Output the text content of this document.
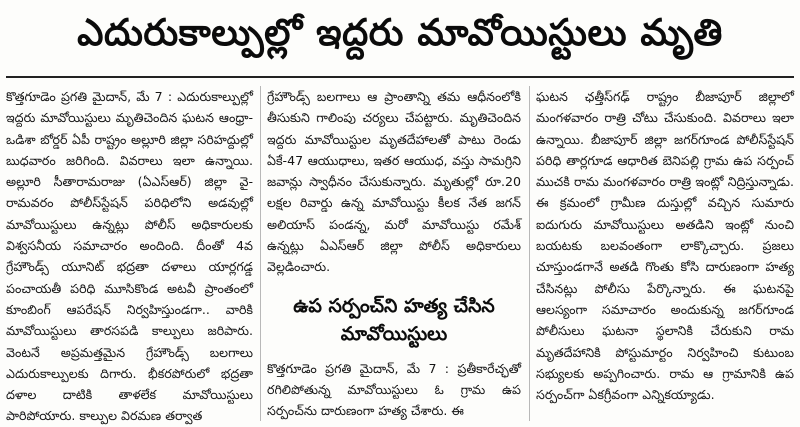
ఎదురుకాల్పుల్లో ఇద్దరు మావోయిస్టులు మృతి

కొత్తగూడెం ప్రగతి మైదాన్, మే 7 : ఎదురుకాల్పుల్లో ఇద్దరు మావోయిస్టులు మృతిచెందిన ఘటన ఆంధ్రా-ఒడిశా బోర్డర్ ఏపీ రాష్ట్రం అల్లూరి జిల్లా సరిహద్దుల్లో బుధవారం జరిగింది. వివరాలు ఇలా ఉన్నాయి. అల్లూరి సీతారామరాజు (ఏఎస్ఆర్) జిల్లా వై-రామవరం పోలీస్‌స్టేషన్ పరిధిలోని అడవుల్లో మావోయిస్టులు ఉన్నట్లు పోలీస్ అధికారులకు విశ్వసనీయ సమాచారం అందింది. దీంతో 4వ గ్రేహౌండ్స్ యూనిట్ భద్రతా దళాలు యార్లగడ్డ పంచాయతీ పరిధి మూసికొండ అటవీ ప్రాంతంలో కూంబింగ్ ఆపరేషన్ నిర్వహిస్తుండగా.. వారికి మావోయిస్టులు తారసపడి కాల్పులు జరిపారు. వెంటనే అప్రమత్తమైన గ్రేహౌండ్స్ బలగాలు ఎదురుకాల్పులకు దిగారు. భీకరపోరులో భద్రతా దళాల దాటికి తాళలేక మావోయిస్టులు పారిపోయారు. కాల్పుల విరమణ తర్వాత

గ్రేహౌండ్స్ బలగాలు ఆ ప్రాంతాన్ని తమ ఆధీనంలోకి తీసుకుని గాలింపు చర్యలు చేపట్టారు. మృతిచెందిన ఇద్దరు మావోయిస్టుల మృతదేహాలతో పాటు రెండు ఏకే-47 ఆయుధాలు, ఇతర ఆయుధ, వస్తు సామగ్రిని జవాన్లు స్వాధీనం చేసుకున్నారు. మృతుల్లో రూ.20 లక్షల రివార్డు ఉన్న మావోయిస్టు కీలక నేత జగన్ అలియాస్ పండన్న, మరో మావోయిస్టు రమేశ్ ఉన్నట్లు ఏఎస్ఆర్ జిల్లా పోలీస్ అధికారులు వెల్లడించారు.

ఉప సర్పంచ్‌ని హత్య చేసిన మావోయిస్టులు

కొత్తగూడెం ప్రగతి మైదాన్, మే 7 : ప్రతీకారేచ్ఛతో రగిలిపోతున్న మావోయిస్టులు ఓ గ్రామ ఉప సర్పంచ్‌ను దారుణంగా హత్య చేశారు. ఈ

ఘటన ఛత్తీస్‌గఢ్ రాష్ట్రం బీజాపూర్ జిల్లాలో మంగళవారం రాత్రి చోటు చేసుకుంది. వివరాలు ఇలా ఉన్నాయి. బీజాపూర్ జిల్లా జగర్‌గూండ పోలీస్‌స్టేషన్ పరిధి తార్లగూడ ఆధారిత బెనిపల్లి గ్రామ ఉప సర్పంచ్ ముచకి రామ మంగళవారం రాత్రి ఇంట్లో నిద్రిస్తున్నాడు. ఈ క్రమంలో గ్రామీణ దుస్తుల్లో వచ్చిన సుమారు ఐదుగురు మావోయిస్టులు అతడిని ఇంట్లో నుంచి బయటకు బలవంతంగా లాక్కొచ్చారు. ప్రజలు చూస్తుండగానే అతడి గొంతు కోసి దారుణంగా హత్య చేసినట్లు పోలీసు పేర్కొన్నారు. ఈ ఘటనపై ఆలస్యంగా సమాచారం అందుకున్న జగర్‌గూండ పోలీసులు ఘటనా స్థలానికి చేరుకుని రామ మృతదేహానికి పోస్టుమార్టం నిర్వహించి కుటుంబ సభ్యులకు అప్పగించారు. రామ ఆ గ్రామానికి ఉప సర్పంచ్‌గా ఏకగ్రీవంగా ఎన్నికయ్యాడు.
